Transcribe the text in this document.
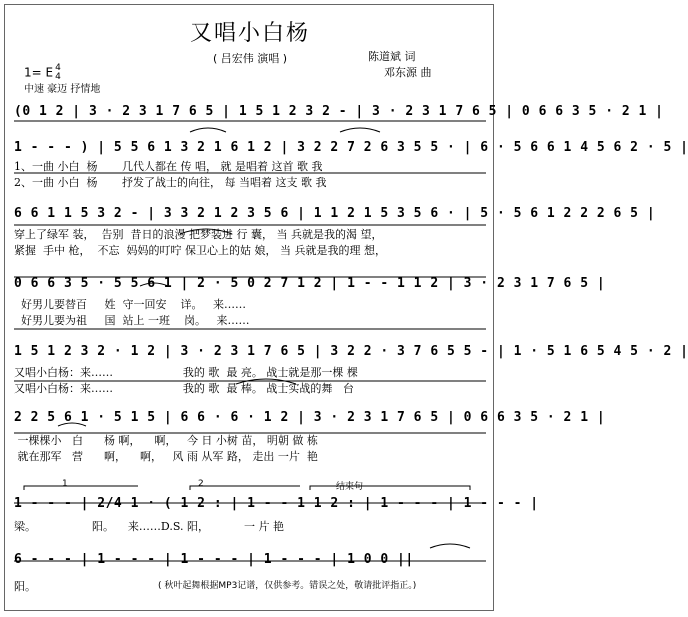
又唱小白杨
( 吕宏伟 演唱 )	陈道斌 词
邓东源 曲
1= E 4
4
中速 豪迈 抒情地
1	2	结束句
(0 1 2 | 3 · 2 3 1 7 6 5 | 1 5 1 2 3 2 - | 3 · 2 3 1 7 6 5 | 0 6 6 3 5 · 2 1 |
1 - - - ) | 5 5 6 1 3 2 1 6 1 2 | 3 2 2 7 2 6 3 5 5 · | 6 · 5 6 6 1 4 5 6 2 · 5 |
1、一曲 小白  杨       几代人都在 传 唱， 就 是唱着 这首 歌 我
2、一曲 小白  杨       抒发了战士的向往， 每 当唱着 这支 歌 我
6 6 1 1 5 3 2 - | 3 3 2 1 2 3 5 6 | 1 1 2 1 5 3 5 6 · | 5 · 5 6 1 2 2 2 6 5 |
穿上了绿军 装，  告别  昔日的浪漫 把梦装进 行 囊， 当 兵就是我的渴 望，
紧握  手中 枪，  不忘  妈妈的叮咛 保卫心上的姑 娘， 当 兵就是我的理 想，
0 6 6 3 5 · 5 5 6 1 | 2 · 5 0 2 7 1 2 | 1 - - 1 1 2 | 3 · 2 3 1 7 6 5 |
好男儿要替百     姓  守一回安    详。   来……
好男儿要为祖     国  站上 一班    岗。   来……
1 5 1 2 3 2 · 1 2 | 3 · 2 3 1 7 6 5 | 3 2 2 · 3 7 6 5 5 - | 1 · 5 1 6 5 4 5 · 2 |
又唱小白杨：来……                    我的 歌  最 亮。 战士就是那一棵 棵
又唱小白杨：来……                    我的 歌  最 棒。 战士实战的舞   台
2 2 5 6 1 · 5 1 5 | 6 6 · 6 · 1 2 | 3 · 2 3 1 7 6 5 | 0 6 6 3 5 · 2 1 |
一棵棵小   白      杨 啊，    啊，   今 日 小树 苗， 明朝 做 栋
就在那军   营      啊，    啊，   风 雨 从军 路， 走出 一片  艳
1 - - - | 2/4 1 · ( 1 2 : | 1 - - 1 1 2 : | 1 - - - | 1 - - - |
梁。                阳。    来……D.S. 阳，          一 片 艳
6 - - - | 1 - - - | 1 - - - | 1 - - - | 1 0 0 ||
阳。	( 秋叶起舞根据MP3记谱，仅供参考。错误之处，敬请批评指正。)
